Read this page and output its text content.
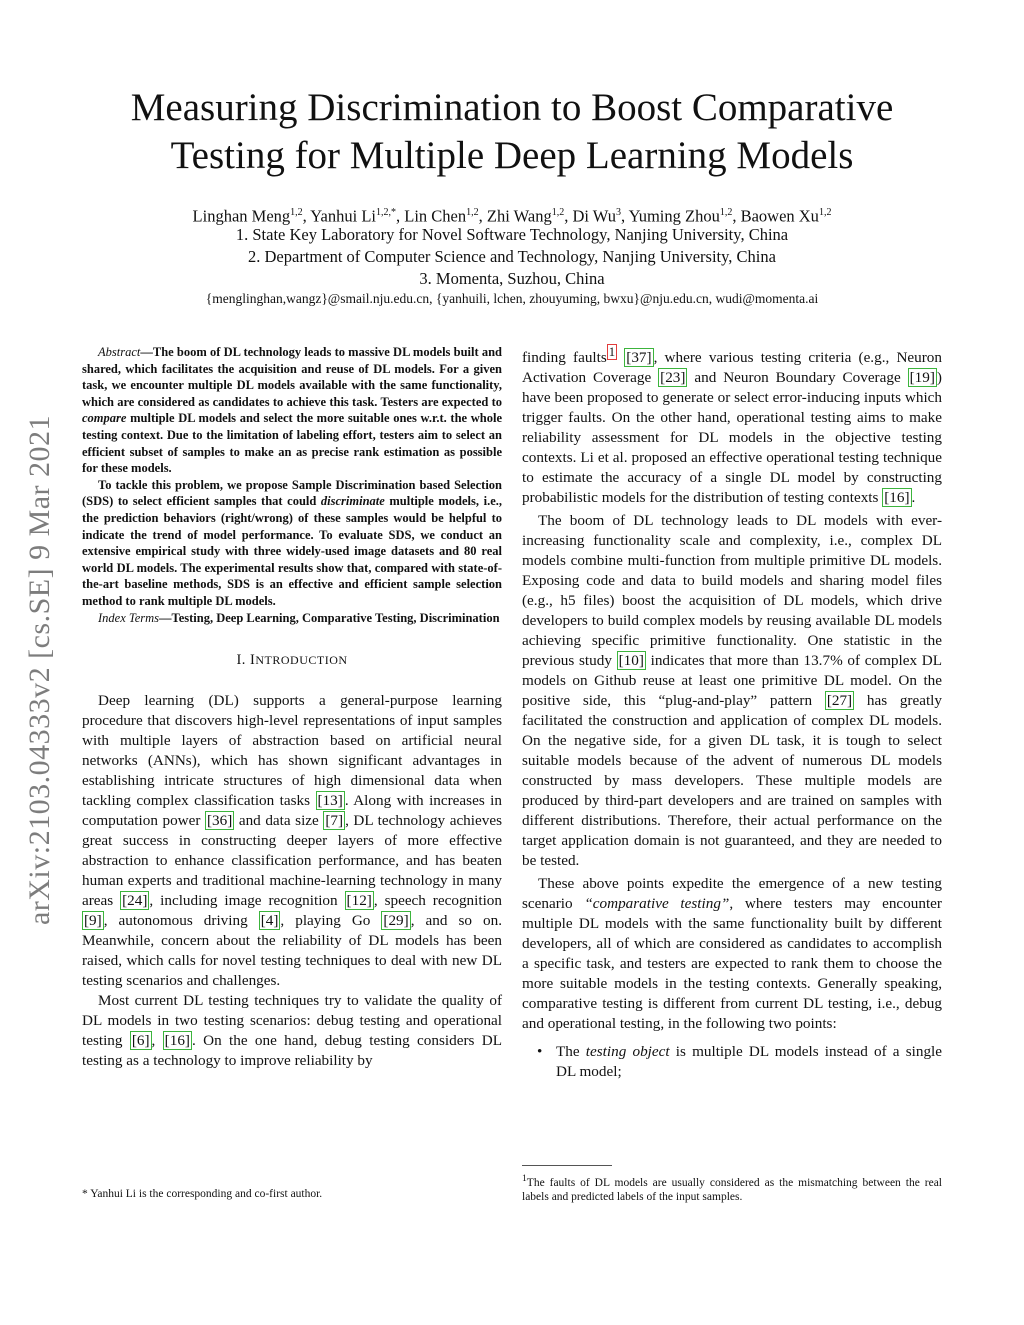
Measuring Discrimination to Boost Comparative
Testing for Multiple Deep Learning Models
Linghan Meng$^{1,2}$, Yanhui $Li^{1,2,*}$, Lin Chen$^{1,2}$, Zhi Wang$^{1,2}$, Di Wu$^3$, Yuming Zhou$^{1,2}$, Baowen Xu$^{1,2}$
1. State Key Laboratory for Novel Software Technology, Nanjing University, China
2. Department of Computer Science and Technology, Nanjing University, China
3. Momenta, Suzhou, China
{menglinghan,wangz}@smail.nju.edu.cn, {yanhuili, lchen, zhouyuming, bwxu}@nju.edu.cn, wudi@momenta.ai
arXiv:2103.04333v2 [cs.SE] 9 Mar 2021

Abstract—The boom of DL technology leads to massive DL models built and shared, which facilitates the acquisition and reuse of DL models. For a given task, we encounter multiple DL models available with the same functionality, which are considered as candidates to achieve this task. Testers are expected to compare multiple DL models and select the more suitable ones w.r.t. the whole testing context. Due to the limitation of labeling effort, testers aim to select an efficient subset of samples to make an as precise rank estimation as possible for these models.

To tackle this problem, we propose Sample Discrimination based Selection (SDS) to select efficient samples that could discriminate multiple models, i.e., the prediction behaviors (right/wrong) of these samples would be helpful to indicate the trend of model performance. To evaluate SDS, we conduct an extensive empirical study with three widely-used image datasets and 80 real world DL models. The experimental results show that, compared with state-of-the-art baseline methods, SDS is an effective and efficient sample selection method to rank multiple DL models.

Index Terms—Testing, Deep Learning, Comparative Testing, Discrimination

I. INTRODUCTION

Deep learning (DL) supports a general-purpose learning procedure that discovers high-level representations of input samples with multiple layers of abstraction based on artificial neural networks (ANNs), which has shown significant advantages in establishing intricate structures of high dimensional data when tackling complex classification tasks [13] . Along with increases in computation power [36] and data size [7] , DL technology achieves great success in constructing deeper layers of more effective abstraction to enhance classification performance, and has beaten human experts and traditional machine-learning technology in many areas [24] , including image recognition [12] , speech recognition [9] , autonomous driving [4] , playing Go [29] , and so on. Meanwhile, concern about the reliability of DL models has been raised, which calls for novel testing techniques to deal with new DL testing scenarios and challenges.

Most current DL testing techniques try to validate the quality of DL models in two testing scenarios: debug testing and operational testing [6] , [16] . On the one hand, debug testing considers DL testing as a technology to improve reliability by

finding faults $^1$ [37] , where various testing criteria (e.g., Neuron Activation Coverage [23] and Neuron Boundary Coverage [19] ) have been proposed to generate or select error-inducing inputs which trigger faults. On the other hand, operational testing aims to make reliability assessment for DL models in the objective testing contexts. Li et al. proposed an effective operational testing technique to estimate the accuracy of a single DL model by constructing probabilistic models for the distribution of testing contexts [16] .

The boom of DL technology leads to DL models with ever-increasing functionality scale and complexity, i.e., complex DL models combine multi-function from multiple primitive DL models. Exposing code and data to build models and sharing model files (e.g., h5 files) boost the acquisition of DL models, which drive developers to build complex models by reusing available DL models achieving specific primitive functionality. One statistic in the previous study [10] indicates that more than 13.7% of complex DL models on Github reuse at least one primitive DL model. On the positive side, this “plug-and-play” pattern [27] has greatly facilitated the construction and application of complex DL models. On the negative side, for a given DL task, it is tough to select suitable models because of the advent of numerous DL models constructed by mass developers. These multiple models are produced by third-part developers and are trained on samples with different distributions. Therefore, their actual performance on the target application domain is not guaranteed, and they are needed to be tested.

These above points expedite the emergence of a new testing scenario “comparative testing”, where testers may encounter multiple DL models with the same functionality built by different developers, all of which are considered as candidates to accomplish a specific task, and testers are expected to rank them to choose the more suitable models in the testing contexts. Generally speaking, comparative testing is different from current DL testing, i.e., debug and operational testing, in the following two points:

• The testing object is multiple DL models instead of a single DL model;

* Yanhui Li is the corresponding and co-first author.
$^1$The faults of DL models are usually considered as the mismatching between the real labels and predicted labels of the input samples.
